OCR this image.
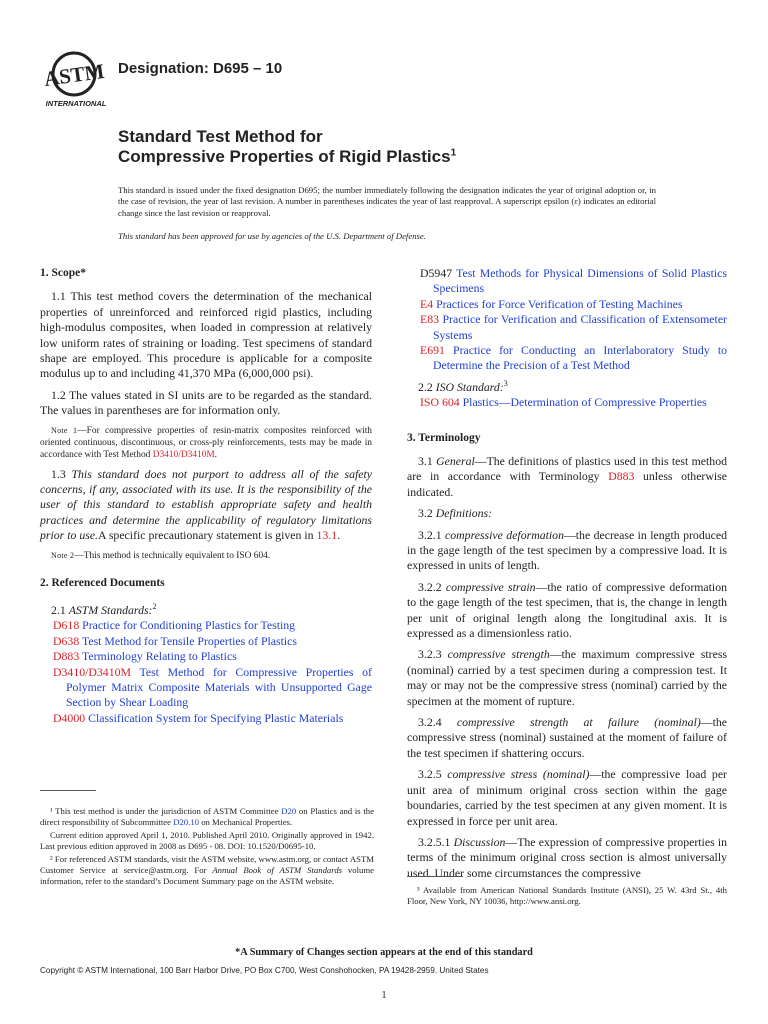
ASTM
INTERNATIONAL
Designation: D695 – 10
Standard Test Method for
Compressive Properties of Rigid Plastics$^1$
This standard is issued under the fixed designation D695; the number immediately following the designation indicates the year of original adoption or, in the case of revision, the year of last revision. A number in parentheses indicates the year of last reapproval. A superscript epsilon (ε) indicates an editorial change since the last revision or reapproval.
This standard has been approved for use by agencies of the U.S. Department of Defense.

1. Scope*

1.1 This test method covers the determination of the mechanical properties of unreinforced and reinforced rigid plastics, including high-modulus composites, when loaded in compression at relatively low uniform rates of straining or loading. Test specimens of standard shape are employed. This procedure is applicable for a composite modulus up to and including 41,370 MPa (6,000,000 psi).

1.2 The values stated in SI units are to be regarded as the standard. The values in parentheses are for information only.

Note 1—For compressive properties of resin-matrix composites reinforced with oriented continuous, discontinuous, or cross-ply reinforcements, tests may be made in accordance with Test Method D3410/D3410M.

1.3 This standard does not purport to address all of the safety concerns, if any, associated with its use. It is the responsibility of the user of this standard to establish appropriate safety and health practices and determine the applicability of regulatory limitations prior to use.A specific precautionary statement is given in 13.1.

Note 2—This method is technically equivalent to ISO 604.

2. Referenced Documents

2.1 ASTM Standards:$^2$

D618 Practice for Conditioning Plastics for Testing

D638 Test Method for Tensile Properties of Plastics

D883 Terminology Relating to Plastics

D3410/D3410M Test Method for Compressive Properties of Polymer Matrix Composite Materials with Unsupported Gage Section by Shear Loading

D4000 Classification System for Specifying Plastic Materials

D5947 Test Methods for Physical Dimensions of Solid Plastics Specimens

E4 Practices for Force Verification of Testing Machines

E83 Practice for Verification and Classification of Extensometer Systems

E691 Practice for Conducting an Interlaboratory Study to Determine the Precision of a Test Method

2.2 ISO Standard:$^3$

ISO 604 Plastics—Determination of Compressive Properties

3. Terminology

3.1 General—The definitions of plastics used in this test method are in accordance with Terminology D883 unless otherwise indicated.

3.2 Definitions:

3.2.1 compressive deformation—the decrease in length produced in the gage length of the test specimen by a compressive load. It is expressed in units of length.

3.2.2 compressive strain—the ratio of compressive deformation to the gage length of the test specimen, that is, the change in length per unit of original length along the longitudinal axis. It is expressed as a dimensionless ratio.

3.2.3 compressive strength—the maximum compressive stress (nominal) carried by a test specimen during a compression test. It may or may not be the compressive stress (nominal) carried by the specimen at the moment of rupture.

3.2.4 compressive strength at failure (nominal)—the compressive stress (nominal) sustained at the moment of failure of the test specimen if shattering occurs.

3.2.5 compressive stress (nominal)—the compressive load per unit area of minimum original cross section within the gage boundaries, carried by the test specimen at any given moment. It is expressed in force per unit area.

3.2.5.1 Discussion—The expression of compressive properties in terms of the minimum original cross section is almost universally used. Under some circumstances the compressive

¹ This test method is under the jurisdiction of ASTM Committee D20 on Plastics and is the direct responsibility of Subcommittee D20.10 on Mechanical Properties.

Current edition approved April 1, 2010. Published April 2010. Originally approved in 1942. Last previous edition approved in 2008 as D695 - 08. DOI: 10.1520/D0695-10.

² For referenced ASTM standards, visit the ASTM website, www.astm.org, or contact ASTM Customer Service at service@astm.org. For Annual Book of ASTM Standards volume information, refer to the standard’s Document Summary page on the ASTM website.

³ Available from American National Standards Institute (ANSI), 25 W. 43rd St., 4th Floor, New York, NY 10036, http://www.ansi.org.

*A Summary of Changes section appears at the end of this standard
Copyright © ASTM International, 100 Barr Harbor Drive, PO Box C700, West Conshohocken, PA 19428-2959. United States
1
